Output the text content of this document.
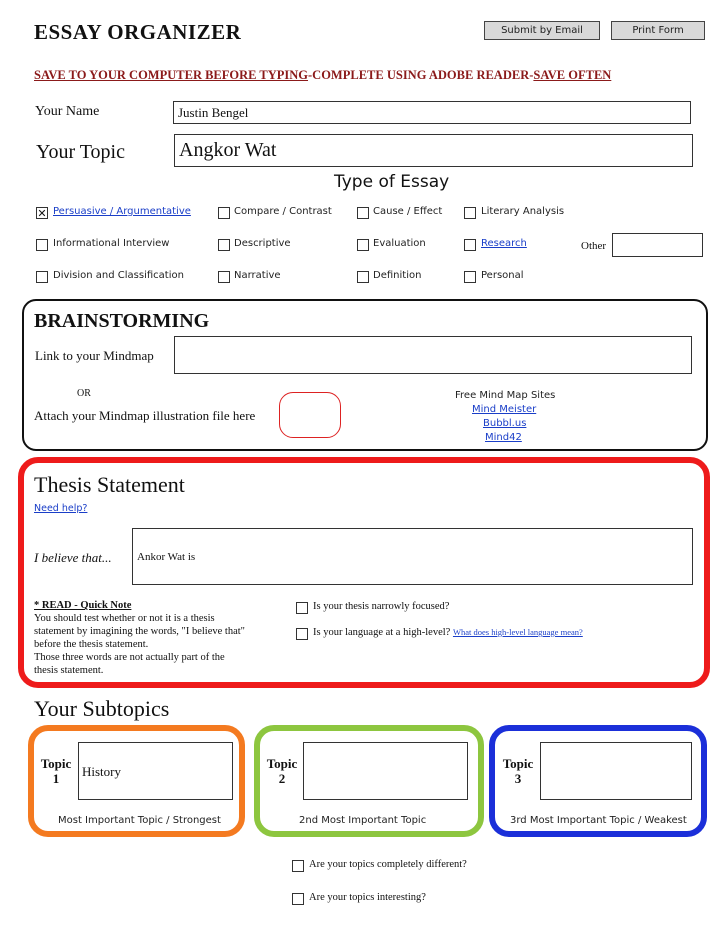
ESSAY ORGANIZER	Submit by Email	Print Form
SAVE TO YOUR COMPUTER BEFORE TYPING-COMPLETE USING ADOBE READER-SAVE OFTEN
Your Name	Justin Bengel
Your Topic	Angkor Wat
Type of Essay
✕ Persuasive / Argumentative	Compare / Contrast	Cause / Effect	Literary Analysis
Informational Interview	Descriptive	Evaluation	Research
Division and Classification	Narrative	Definition	Personal
Other
BRAINSTORMING
Link to your Mindmap
OR
Attach your Mindmap illustration file here
Free Mind Map Sites
Mind Meister
Bubbl.us
Mind42
Thesis Statement
Need help?
I believe that...	Ankor Wat is
* READ - Quick Note
You should test whether or not it is a thesis
statement by imagining the words, "I believe that"
before the thesis statement.
Those three words are not actually part of the
thesis statement.
Is your thesis narrowly focused?
Is your language at a high-level? What does high-level language mean?
Your Subtopics
Topic
1	History
Most Important Topic / Strongest
Topic
2
2nd Most Important Topic
Topic
3
3rd Most Important Topic / Weakest
Are your topics completely different?
Are your topics interesting?
